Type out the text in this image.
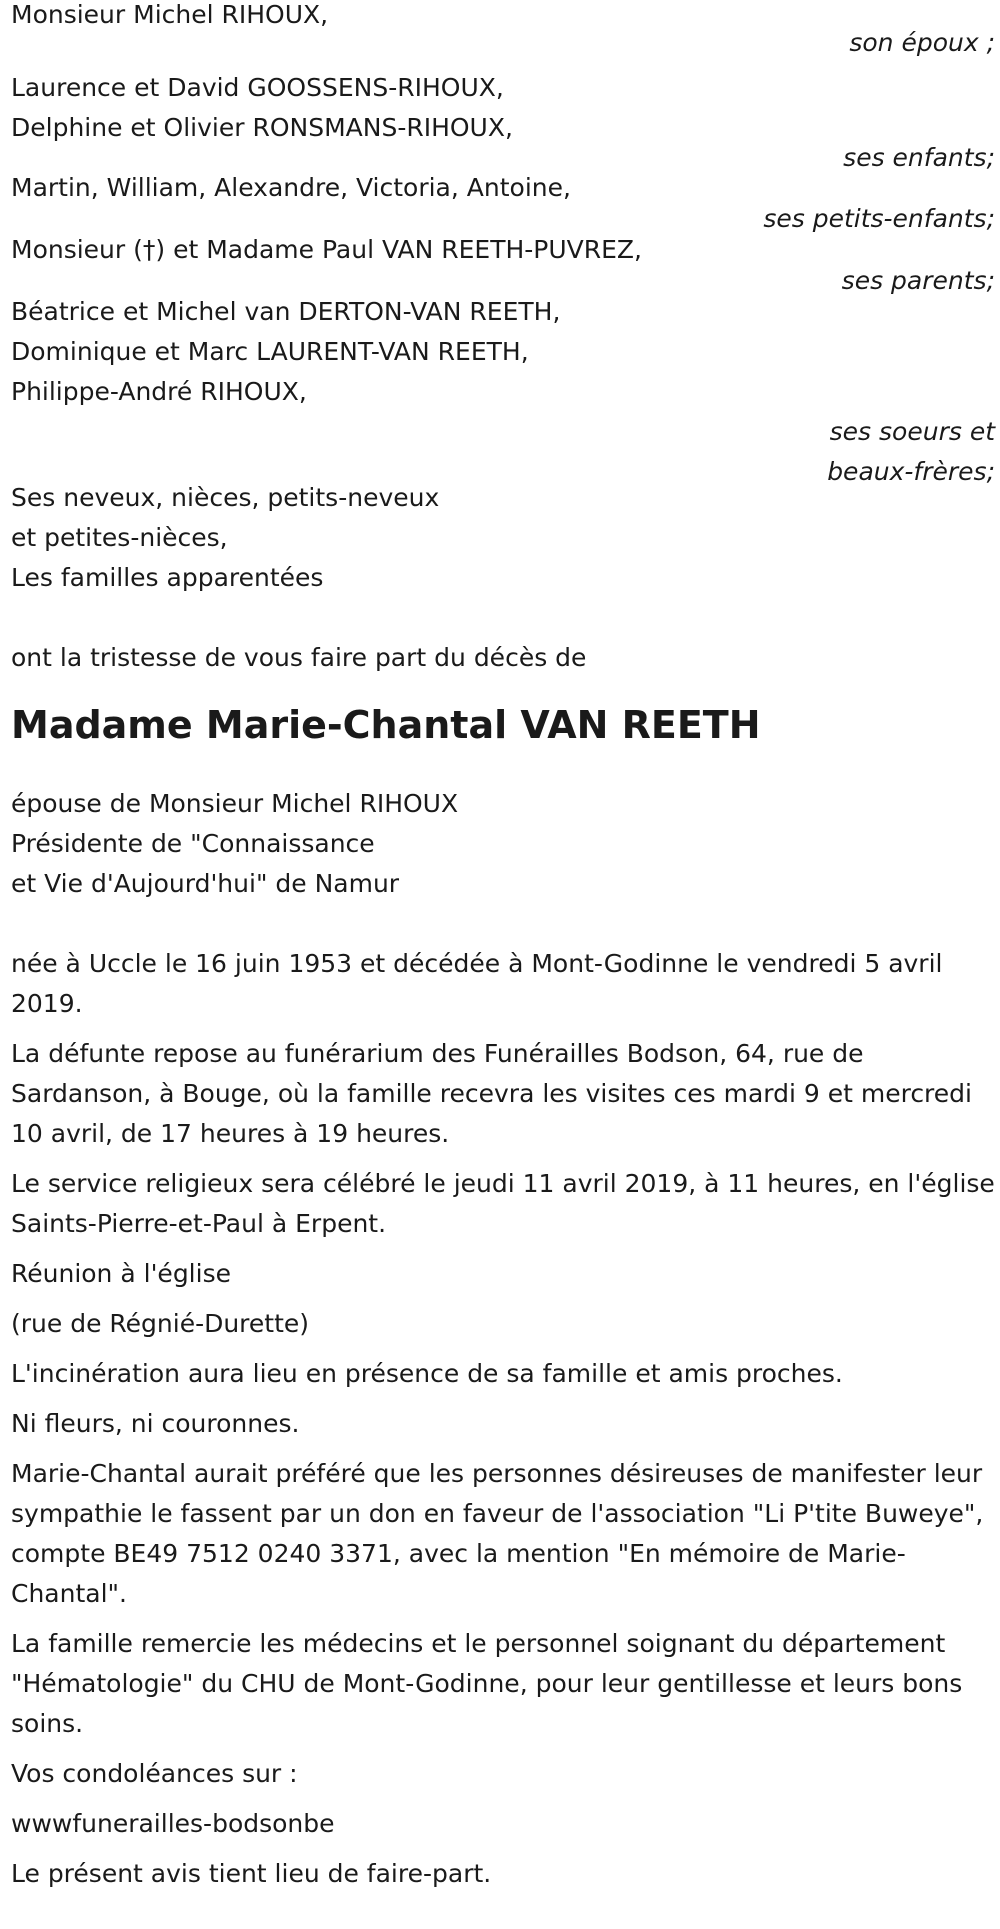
Monsieur Michel RIHOUX,
son époux ;
Laurence et David GOOSSENS-RIHOUX,
Delphine et Olivier RONSMANS-RIHOUX,
ses enfants;
Martin, William, Alexandre, Victoria, Antoine,
ses petits-enfants;
Monsieur (†) et Madame Paul VAN REETH-PUVREZ,
ses parents;
Béatrice et Michel van DERTON-VAN REETH,
Dominique et Marc LAURENT-VAN REETH,
Philippe-André RIHOUX,
ses soeurs et
beaux-frères;
Ses neveux, nièces, petits-neveux
et petites-nièces,
Les familles apparentées
ont la tristesse de vous faire part du décès de
Madame Marie-Chantal VAN REETH
épouse de Monsieur Michel RIHOUX
Présidente de "Connaissance
et Vie d'Aujourd'hui" de Namur
née à Uccle le 16 juin 1953 et décédée à Mont-Godinne le vendredi 5 avril 2019.
La défunte repose au funérarium des Funérailles Bodson, 64, rue de Sardanson, à Bouge, où la famille recevra les visites ces mardi 9 et mercredi 10 avril, de 17 heures à 19 heures.
Le service religieux sera célébré le jeudi 11 avril 2019, à 11 heures, en l'église Saints-Pierre-et-Paul à Erpent.
Réunion à l'église
(rue de Régnié-Durette)
L'incinération aura lieu en présence de sa famille et amis proches.
Ni fleurs, ni couronnes.
Marie-Chantal aurait préféré que les personnes désireuses de manifester leur sympathie le fassent par un don en faveur de l'association "Li P'tite Buweye", compte BE49 7512 0240 3371, avec la mention "En mémoire de Marie-Chantal".
La famille remercie les médecins et le personnel soignant du département "Hématologie" du CHU de Mont-Godinne, pour leur gentillesse et leurs bons soins.
Vos condoléances sur :
wwwfunerailles-bodsonbe
Le présent avis tient lieu de faire-part.
